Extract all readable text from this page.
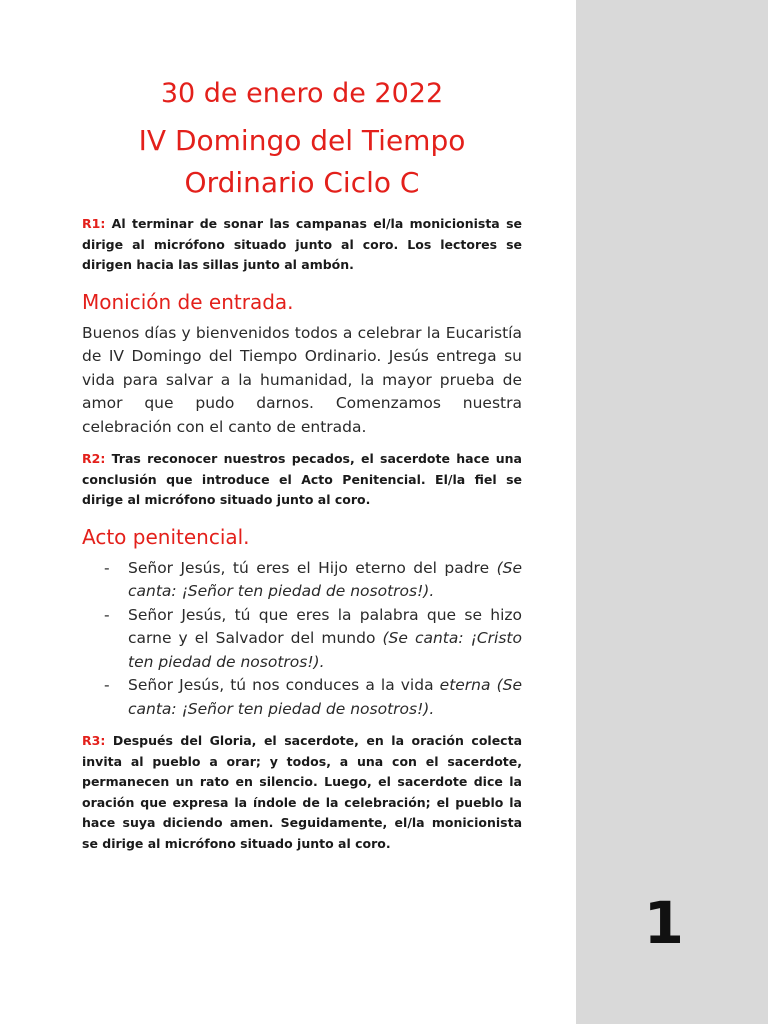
1
30 de enero de 2022
IV Domingo del Tiempo Ordinario Ciclo C

R1: Al terminar de sonar las campanas el/la monicionista se dirige al micrófono situado junto al coro. Los lectores se dirigen hacia las sillas junto al ambón.

Monición de entrada.

Buenos días y bienvenidos todos a celebrar la Eucaristía de IV Domingo del Tiempo Ordinario. Jesús entrega su vida para salvar a la humanidad, la mayor prueba de amor que pudo darnos. Comenzamos nuestra celebración con el canto de entrada.

R2: Tras reconocer nuestros pecados, el sacerdote hace una conclusión que introduce el Acto Penitencial. El/la fiel se dirige al micrófono situado junto al coro.

Acto penitencial.
- Señor Jesús, tú eres el Hijo eterno del padre (Se canta: ¡Señor ten piedad de nosotros!).
- Señor Jesús, tú que eres la palabra que se hizo carne y el Salvador del mundo (Se canta: ¡Cristo ten piedad de nosotros!).
- Señor Jesús, tú nos conduces a la vida eterna (Se canta: ¡Señor ten piedad de nosotros!).

R3: Después del Gloria, el sacerdote, en la oración colecta invita al pueblo a orar; y todos, a una con el sacerdote, permanecen un rato en silencio. Luego, el sacerdote dice la oración que expresa la índole de la celebración; el pueblo la hace suya diciendo amen. Seguidamente, el/la monicionista se dirige al micrófono situado junto al coro.
